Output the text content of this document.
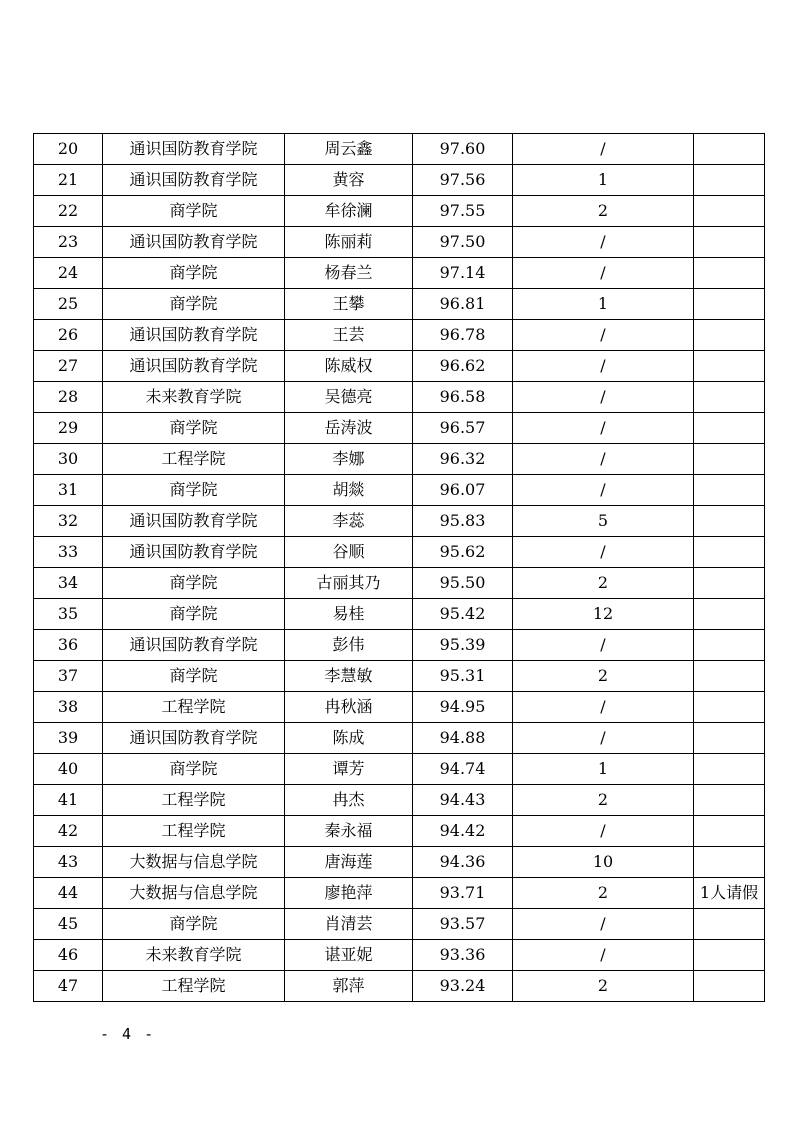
20	通识国防教育学院	周云鑫	97.60	/	
21	通识国防教育学院	黄容	97.56	1	
22	商学院	牟徐澜	97.55	2	
23	通识国防教育学院	陈丽莉	97.50	/	
24	商学院	杨春兰	97.14	/	
25	商学院	王攀	96.81	1	
26	通识国防教育学院	王芸	96.78	/	
27	通识国防教育学院	陈威权	96.62	/	
28	未来教育学院	吴德亮	96.58	/	
29	商学院	岳涛波	96.57	/	
30	工程学院	李娜	96.32	/	
31	商学院	胡燚	96.07	/	
32	通识国防教育学院	李蕊	95.83	5	
33	通识国防教育学院	谷顺	95.62	/	
34	商学院	古丽其乃	95.50	2	
35	商学院	易桂	95.42	12	
36	通识国防教育学院	彭伟	95.39	/	
37	商学院	李慧敏	95.31	2	
38	工程学院	冉秋涵	94.95	/	
39	通识国防教育学院	陈成	94.88	/	
40	商学院	谭芳	94.74	1	
41	工程学院	冉杰	94.43	2	
42	工程学院	秦永福	94.42	/	
43	大数据与信息学院	唐海莲	94.36	10	
44	大数据与信息学院	廖艳萍	93.71	2	1人请假
45	商学院	肖清芸	93.57	/	
46	未来教育学院	谌亚妮	93.36	/	
47	工程学院	郭萍	93.24	2	
- 4 -
